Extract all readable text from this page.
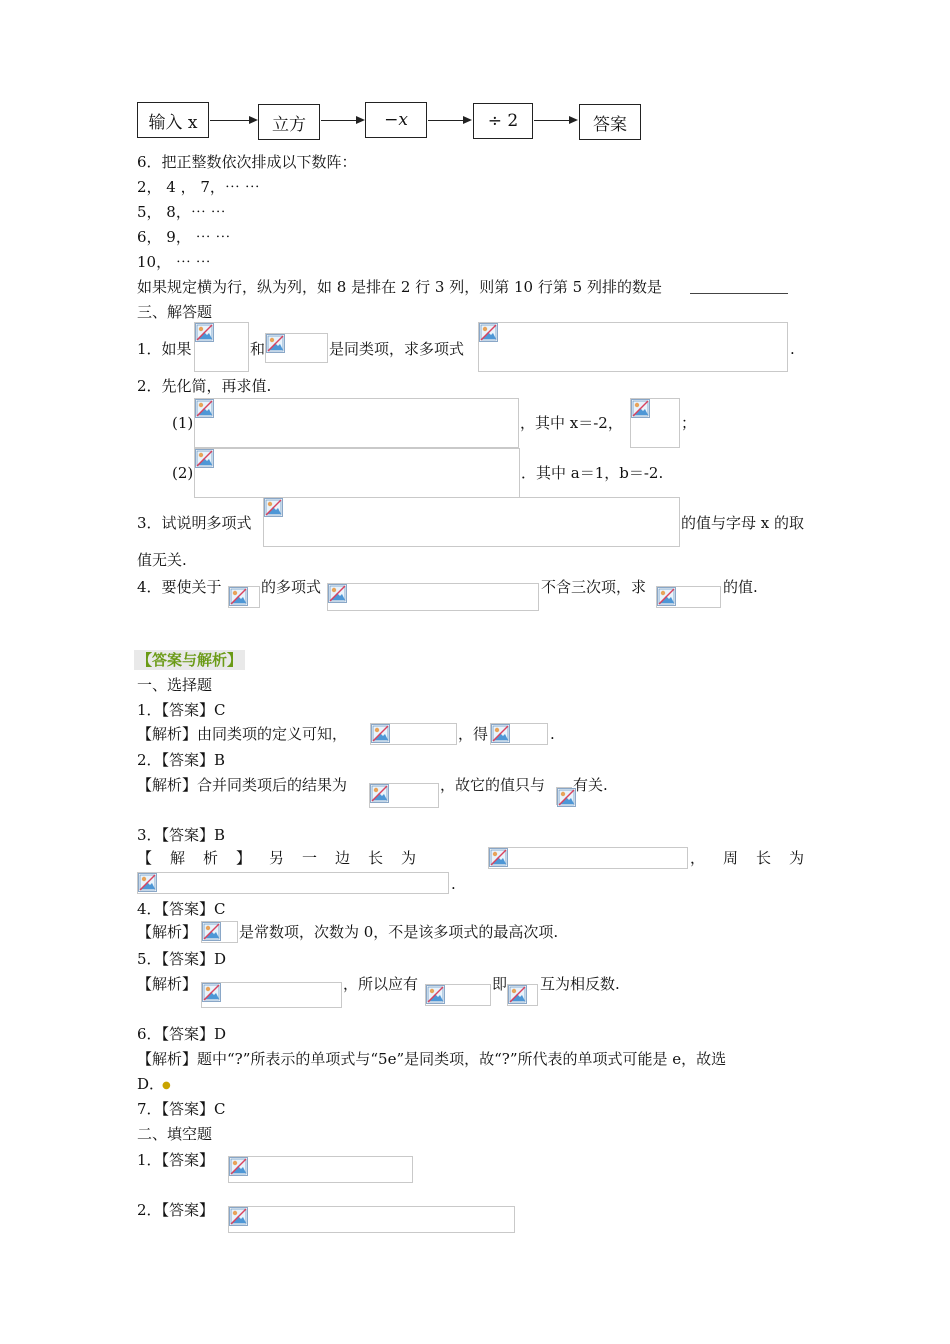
输入 x	立方	−x	÷ 2	答案
6．把正整数依次排成以下数阵：
2， 4 ， 7，⋯ ⋯
5， 8，⋯ ⋯
6， 9， ⋯ ⋯
10， ⋯ ⋯
如果规定横为行，纵为列，如 8 是排在 2 行 3 列，则第 10 行第 5 列排的数是
三、解答题
1．如果	和	是同类项，求多项式	.
2．先化简，再求值.
(1)	，其中 x＝-2，	；
(2)	．其中 a＝1，b＝-2.
3．试说明多项式	的值与字母 x 的取
值无关.
4．要使关于	的多项式	不含三次项，求	的值.
【答案与解析】
一、选择题
1．【答案】C
【解析】由同类项的定义可知，	，得	.
2．【答案】B
【解析】合并同类项后的结果为	，故它的值只与 有关.
3．【答案】B
【解析】另一边长为	，周长为
.
4．【答案】C
【解析】	是常数项，次数为 0，不是该多项式的最高次项.
5．【答案】D
【解析】	，所以应有	即 互为相反数.
6．【答案】D
【解析】题中“?”所表示的单项式与“5e”是同类项，故“?”所代表的单项式可能是 e，故选
D．
●
7．【答案】C
二、填空题
1．【答案】
2．【答案】
